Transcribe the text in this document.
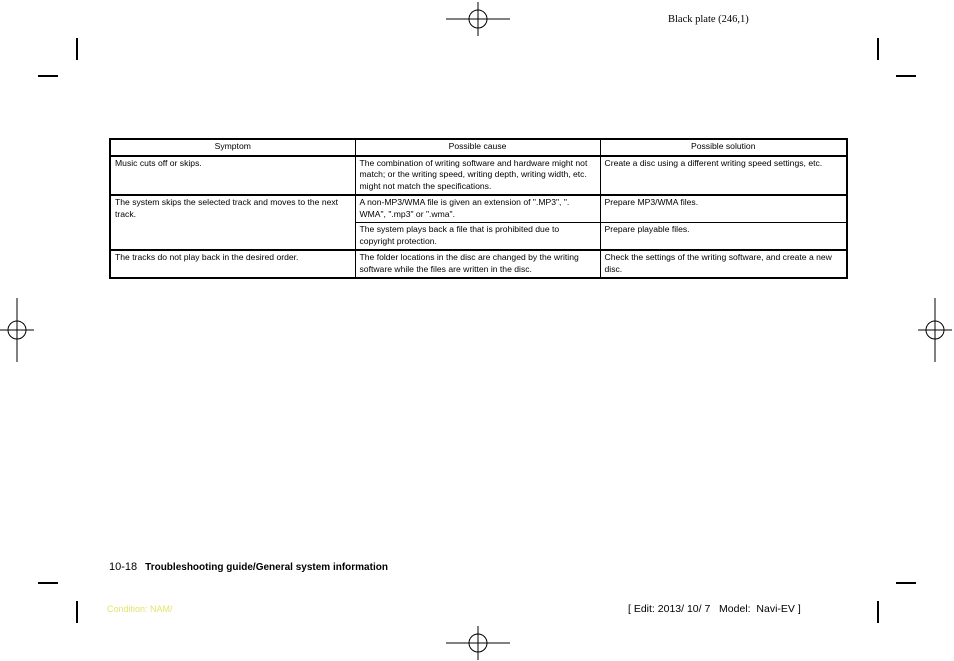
Black plate (246,1)
Symptom	Possible cause	Possible solution
Music cuts off or skips.	The combination of writing software and hardware might not match; or the writing speed, writing depth, writing width, etc. might not match the specifications.	Create a disc using a different writing speed settings, etc.
The system skips the selected track and moves to the next track.	A non-MP3/WMA file is given an extension of ".MP3", ". WMA", ".mp3" or ".wma".	Prepare MP3/WMA files.
	The system plays back a file that is prohibited due to copyright protection.	Prepare playable files.
The tracks do not play back in the desired order.	The folder locations in the disc are changed by the writing software while the files are written in the disc.	Check the settings of the writing software, and create a new disc.
10-18 Troubleshooting guide/General system information
Condition: NAM/	[ Edit: 2013/ 10/ 7   Model:  Navi-EV ]
